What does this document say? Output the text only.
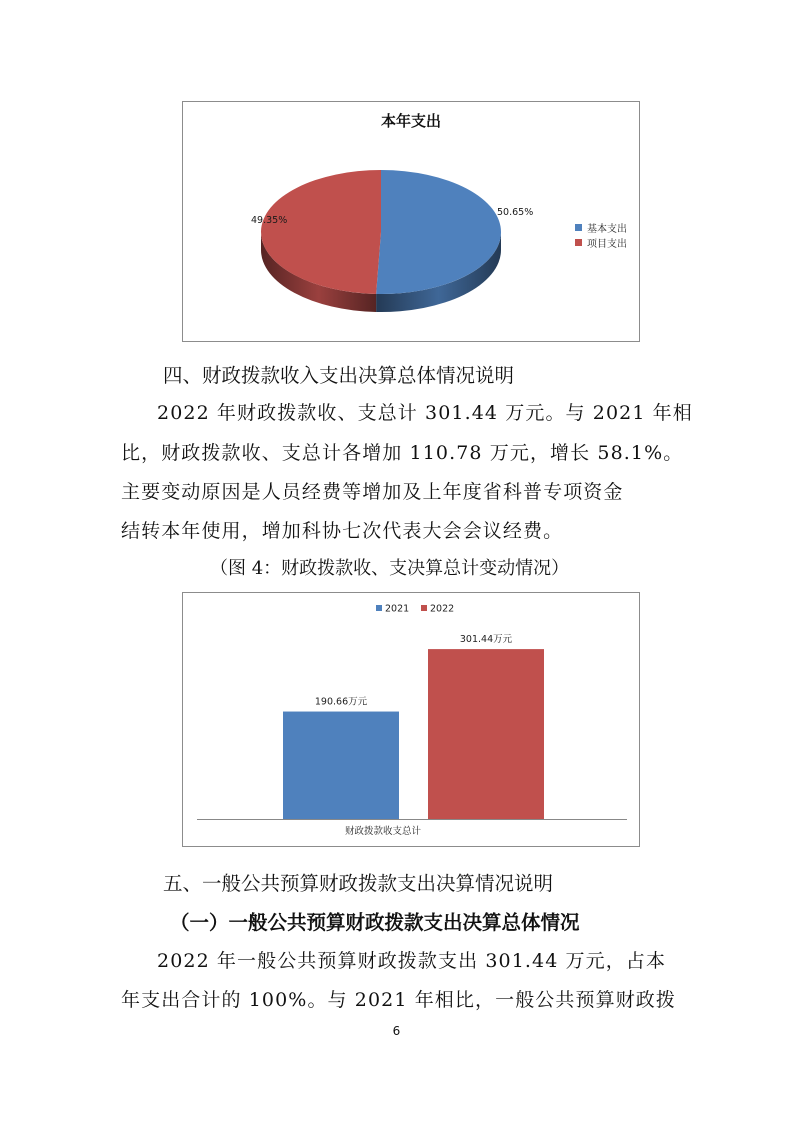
本年支出
50.65%
49.35%
基本支出
项目支出
四、财政拨款收入支出决算总体情况说明
2022 年财政拨款收、支总计 301.44 万元。与 2021 年相
比，财政拨款收、支总计各增加 110.78 万元，增长 58.1%。
主要变动原因是人员经费等增加及上年度省科普专项资金
结转本年使用，增加科协七次代表大会会议经费。
（图 4：财政拨款收、支决算总计变动情况）
2021 2022
190.66万元
301.44万元
财政拨款收支总计
五、一般公共预算财政拨款支出决算情况说明
（一）一般公共预算财政拨款支出决算总体情况
2022 年一般公共预算财政拨款支出 301.44 万元，占本
年支出合计的 100%。与 2021 年相比，一般公共预算财政拨
6
